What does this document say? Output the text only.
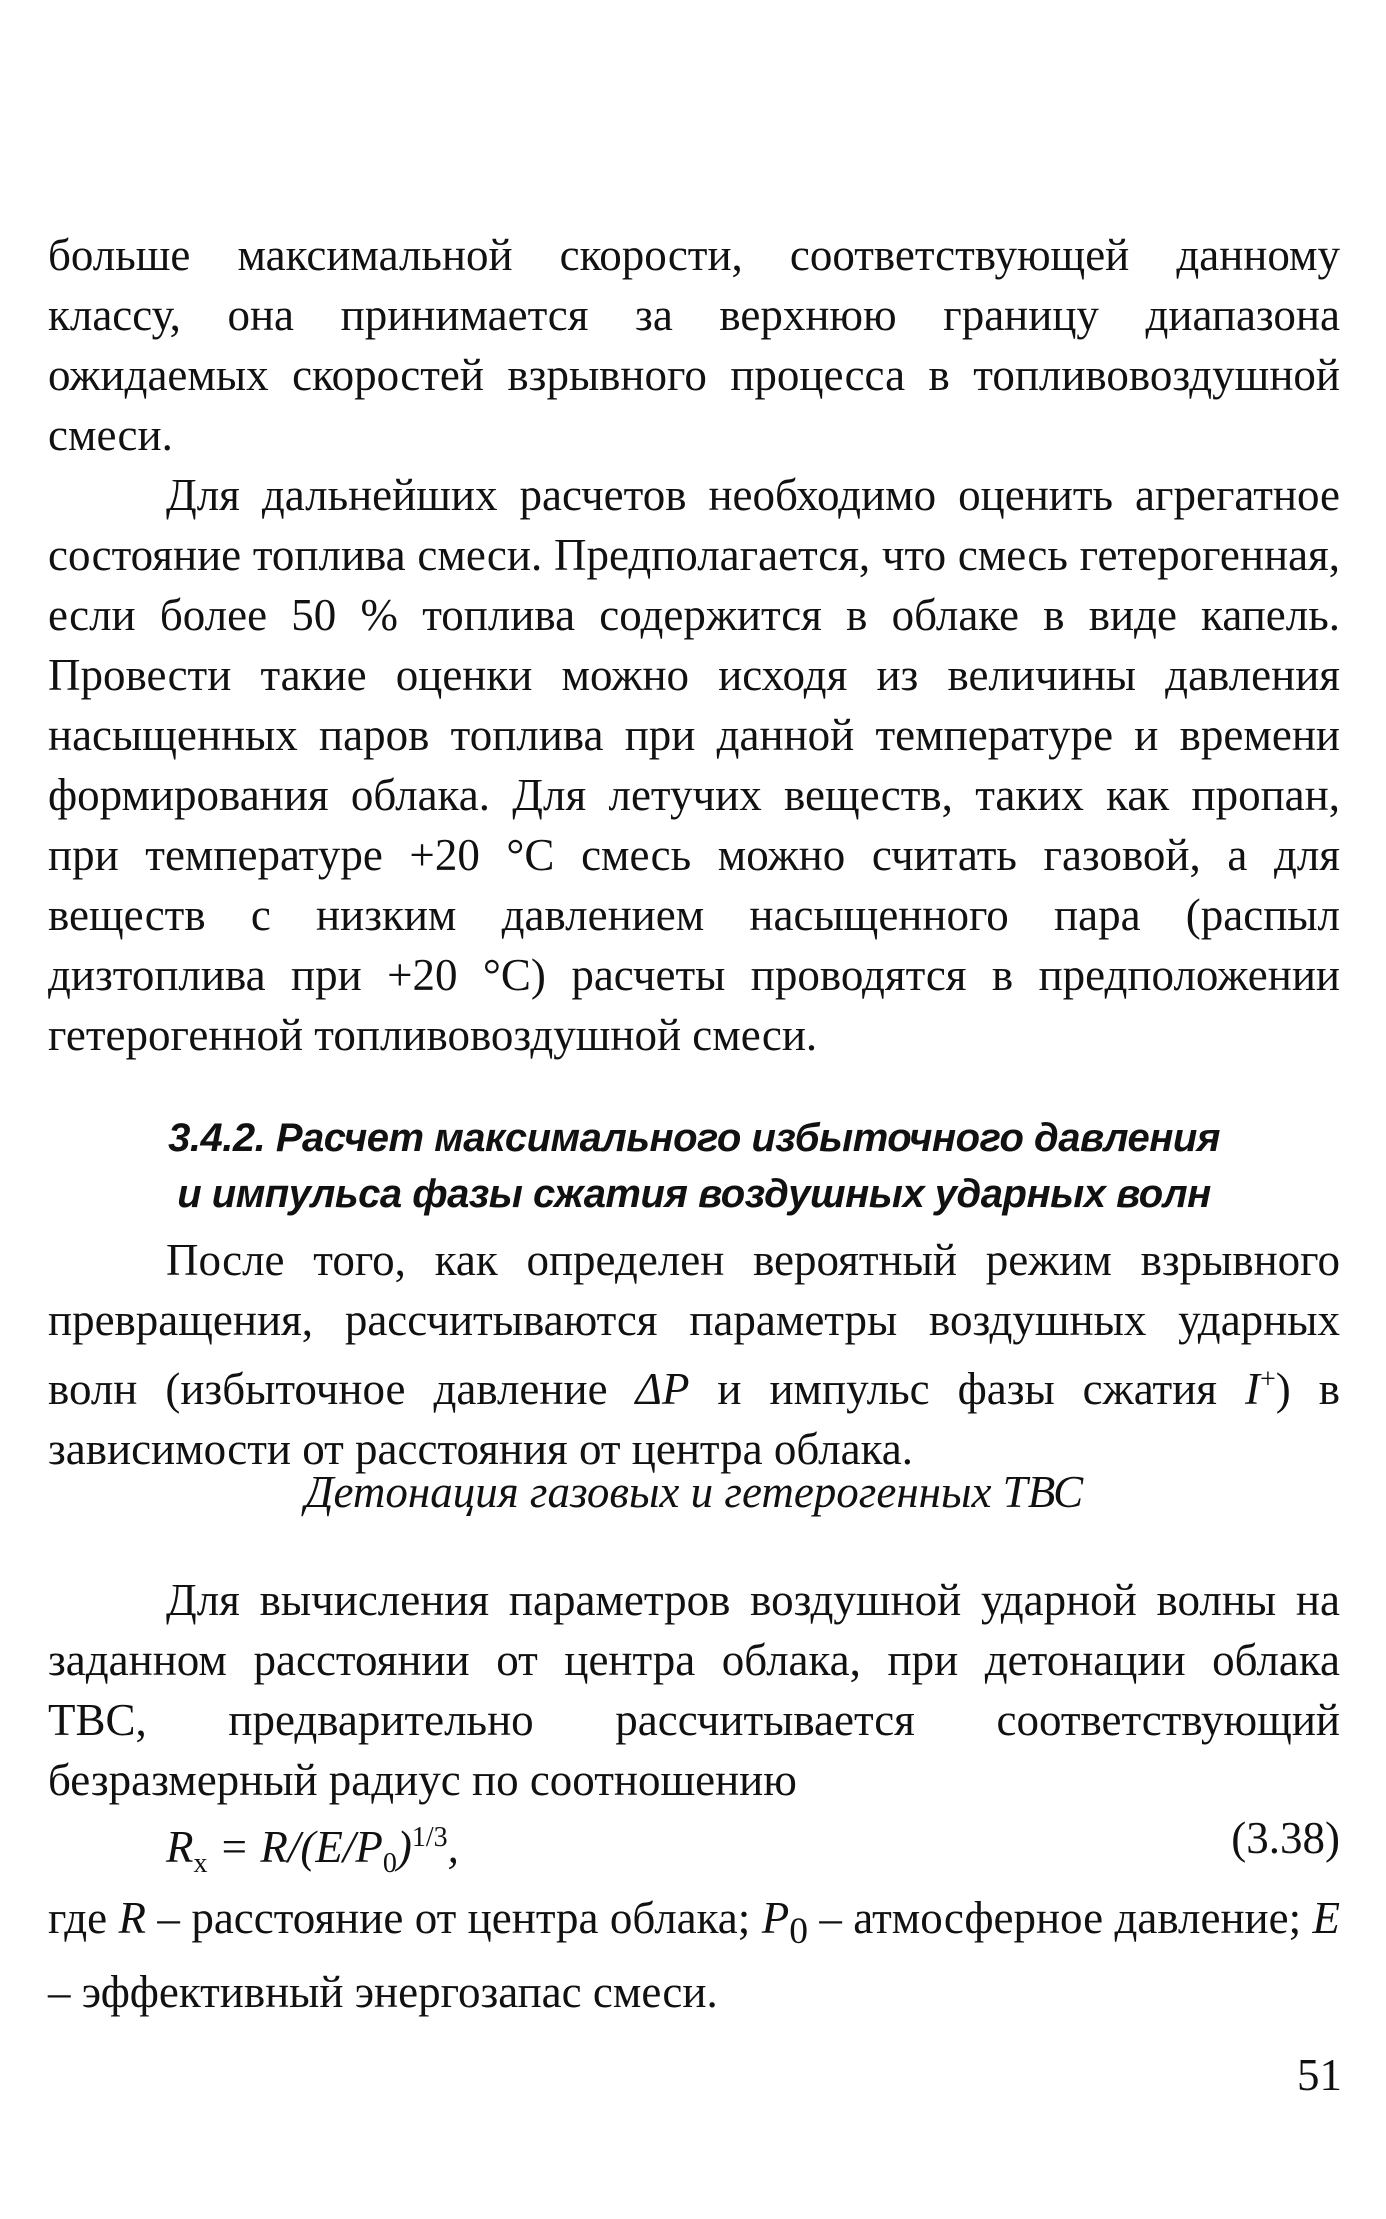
больше максимальной скорости, соответствующей данному классу, она принимается за верхнюю границу диапазона ожидаемых скоростей взрывного процесса в топливовоздушной смеси.

Для дальнейших расчетов необходимо оценить агрегатное состояние топлива смеси. Предполагается, что смесь гетерогенная, если более 50 % топлива содержится в облаке в виде капель. Провести такие оценки можно исходя из величины давления насыщенных паров топлива при данной температуре и времени формирования облака. Для летучих веществ, таких как пропан, при температуре +20 °С смесь можно считать газовой, а для веществ с низким давлением насыщенного пара (распыл дизтоплива при +20 °С) расчеты проводятся в предположении гетерогенной топливовоздушной смеси.

3.4.2. Расчет максимального избыточного давления
и импульса фазы сжатия воздушных ударных волн

После того, как определен вероятный режим взрывного превращения, рассчитываются параметры воздушных ударных волн (избыточное давление ΔP и импульс фазы сжатия I+) в зависимости от расстояния от центра облака.

Детонация газовых и гетерогенных ТВС

Для вычисления параметров воздушной ударной волны на заданном расстоянии от центра облака, при детонации облака ТВС, предварительно рассчитывается соответствующий безразмерный радиус по соотношению

$R_x = R/(E/P_0)^{1/3}$,	(3.38)

где R – расстояние от центра облака; $P_0$ – атмосферное давление; E – эффективный энергозапас смеси.

51
